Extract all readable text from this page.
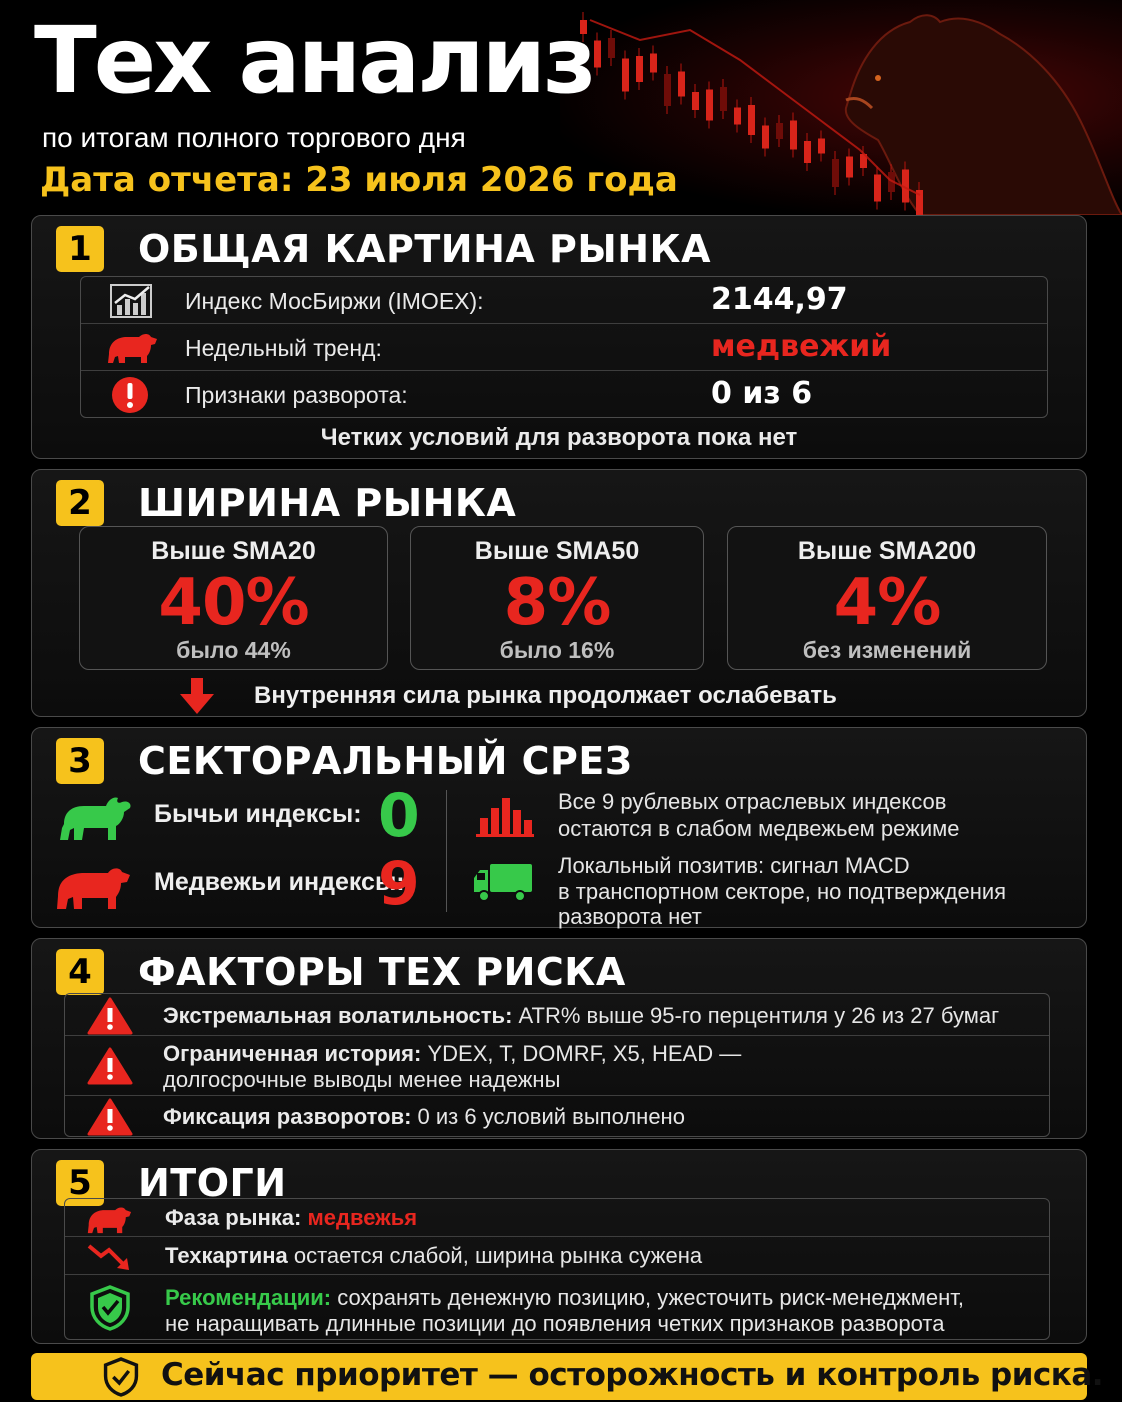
Тех анализ
по итогам полного торгового дня
Дата отчета: 23 июля 2026 года
1	ОБЩАЯ КАРТИНА РЫНКА
Индекс МосБиржи (IMOEX):	2144,97
Недельный тренд:	медвежий
Признаки разворота:	0 из 6
Четких условий для разворота пока нет
2	ШИРИНА РЫНКА
Выше SMA20
40%
было 44%
Выше SMA50
8%
было 16%
Выше SMA200
4%
без изменений
Внутренняя сила рынка продолжает ослабевать
3	СЕКТОРАЛЬНЫЙ СРЕЗ
Бычьи индексы: 0
Медвежьи индексы:
9
Все 9 рублевых отраслевых индексов
остаются в слабом медвежьем режиме
Локальный позитив: сигнал MACD
в транспортном секторе, но подтверждения
разворота нет
4	ФАКТОРЫ ТЕХ РИСКА
Экстремальная волатильность: ATR% выше 95-го перцентиля у 26 из 27 бумаг
Ограниченная история: YDEX, T, DOMRF, X5, HEAD —
долгосрочные выводы менее надежны
Фиксация разворотов: 0 из 6 условий выполнено
5	ИТОГИ
Фаза рынка: медвежья
Техкартина остается слабой, ширина рынка сужена
Рекомендации: сохранять денежную позицию, ужесточить риск-менеджмент,
не наращивать длинные позиции до появления четких признаков разворота
Сейчас приоритет — осторожность и контроль риска.
